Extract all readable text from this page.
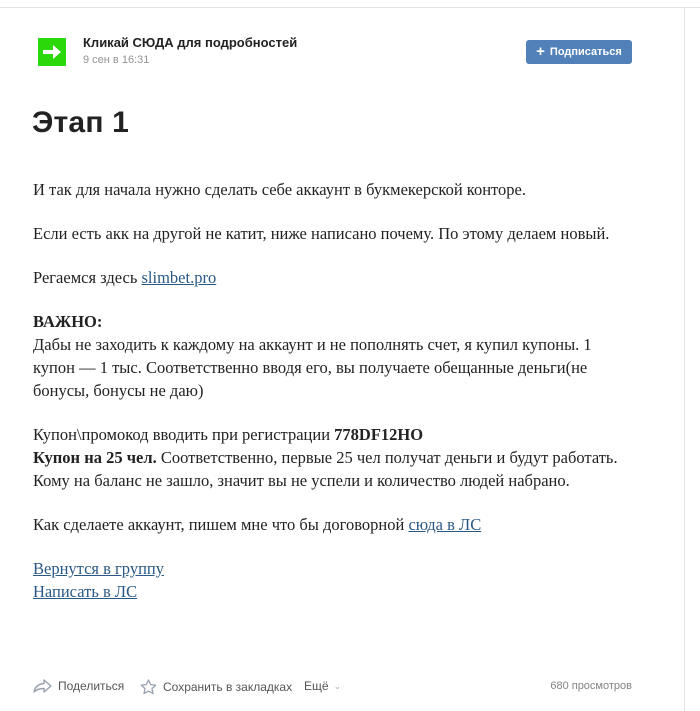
Кликай СЮДА для подробностей
9 сен в 16:31
+ Подписаться
Этап 1

И так для начала нужно сделать себе аккаунт в букмекерской конторе.

Если есть акк на другой не катит, ниже написано почему. По этому делаем новый.

Регаемся здесь slimbet.pro

ВАЖНО:
Дабы не заходить к каждому на аккаунт и не пополнять счет, я купил купоны. 1 купон — 1 тыс. Соответственно вводя его, вы получаете обещанные деньги(не бонусы, бонусы не даю)

Купон\промокод вводить при регистрации 778DF12HO
Купон на 25 чел. Соответственно, первые 25 чел получат деньги и будут работать. Кому на баланс не зашло, значит вы не успели и количество людей набрано.

Как сделаете аккаунт, пишем мне что бы договорной сюда в ЛС

Вернутся в группу

Написать в ЛС

Поделиться	Сохранить в закладках Ещё ⌄	680 просмотров
